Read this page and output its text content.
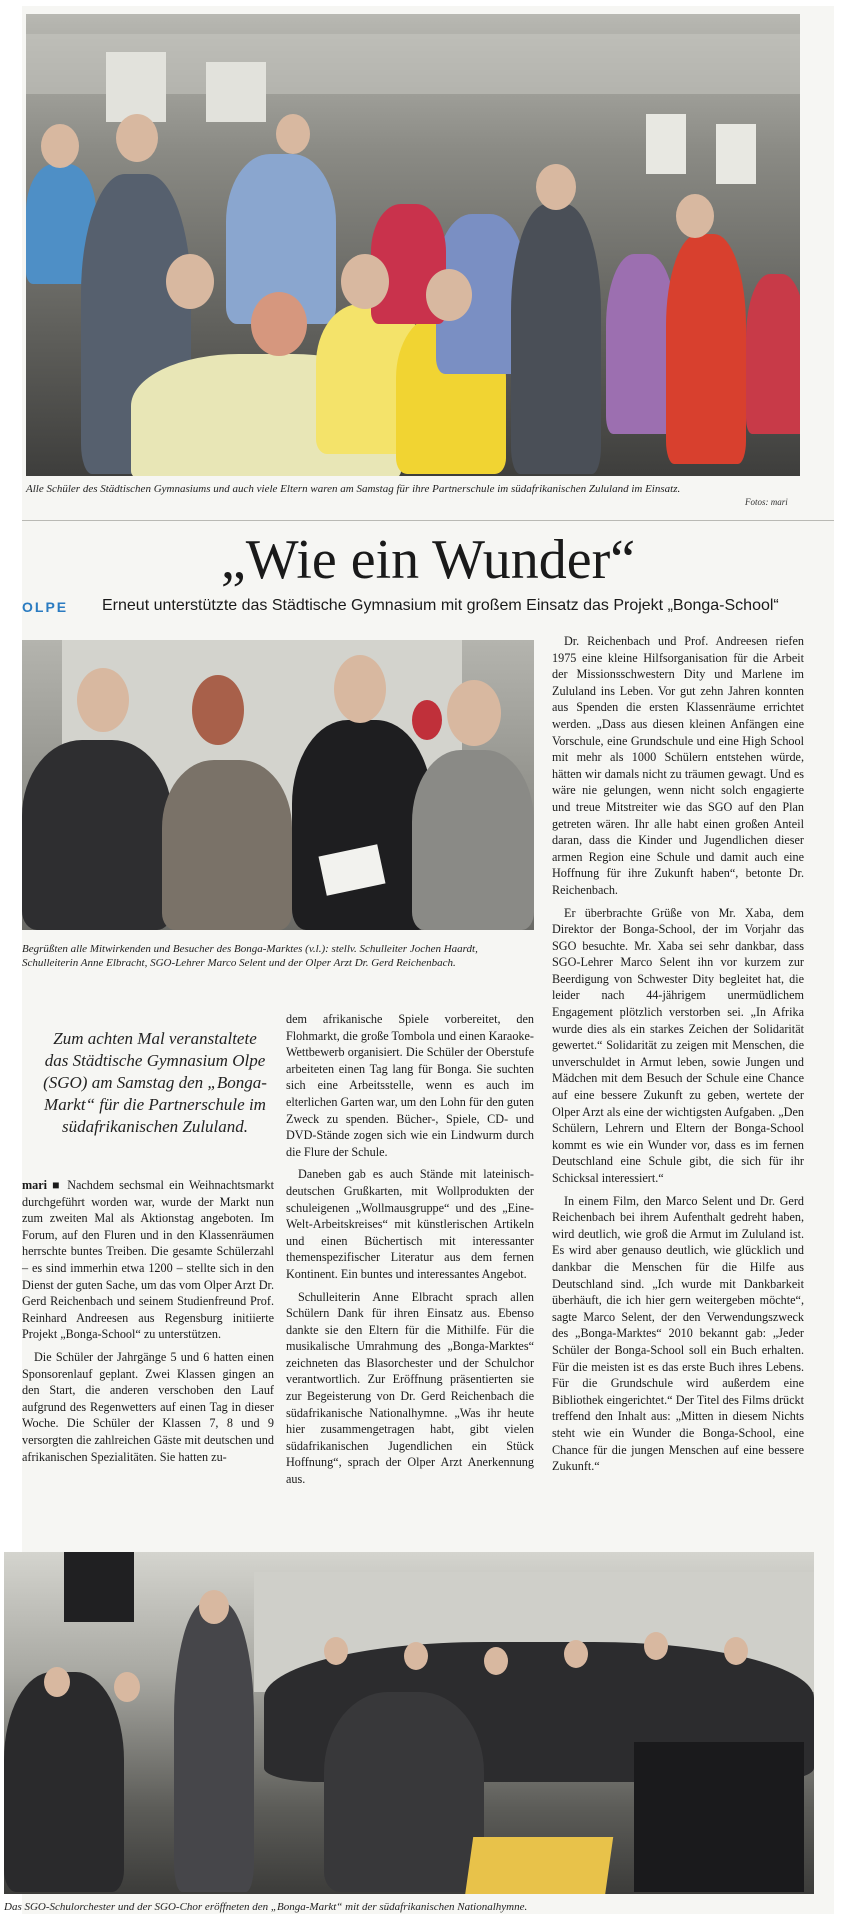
Alle Schüler des Städtischen Gymnasiums und auch viele Eltern waren am Samstag für ihre Partnerschule im südafrikanischen Zululand im Einsatz.
Fotos: mari
„Wie ein Wunder“
OLPE Erneut unterstützte das Städtische Gymnasium mit großem Einsatz das Projekt „Bonga-School“
Begrüßten alle Mitwirkenden und Besucher des Bonga-Marktes (v.l.): stellv. Schulleiter Jochen Haardt, Schulleiterin Anne Elbracht, SGO-Lehrer Marco Selent und der Olper Arzt Dr. Gerd Reichenbach.
Zum achten Mal veranstaltete das Städtische Gymnasium Olpe (SGO) am Samstag den „Bonga-Markt“ für die Partnerschule im südafrikanischen Zululand.

mari ■ Nachdem sechsmal ein Weihnachtsmarkt durchgeführt worden war, wurde der Markt nun zum zweiten Mal als Aktionstag angeboten. Im Forum, auf den Fluren und in den Klassenräumen herrschte buntes Treiben. Die gesamte Schülerzahl – es sind immerhin etwa 1200 – stellte sich in den Dienst der guten Sache, um das vom Olper Arzt Dr. Gerd Reichenbach und seinem Studienfreund Prof. Reinhard Andreesen aus Regensburg initiierte Projekt „Bonga-School“ zu unterstützen.

Die Schüler der Jahrgänge 5 und 6 hatten einen Sponsorenlauf geplant. Zwei Klassen gingen an den Start, die anderen verschoben den Lauf aufgrund des Regenwetters auf einen Tag in dieser Woche. Die Schüler der Klassen 7, 8 und 9 versorgten die zahlreichen Gäste mit deutschen und afrikanischen Spezialitäten. Sie hatten zu-

dem afrikanische Spiele vorbereitet, den Flohmarkt, die große Tombola und einen Karaoke-Wettbewerb organisiert. Die Schüler der Oberstufe arbeiteten einen Tag lang für Bonga. Sie suchten sich eine Arbeitsstelle, wenn es auch im elterlichen Garten war, um den Lohn für den guten Zweck zu spenden. Bücher-, Spiele, CD- und DVD-Stände zogen sich wie ein Lindwurm durch die Flure der Schule.

Daneben gab es auch Stände mit lateinisch-deutschen Grußkarten, mit Wollprodukten der schuleigenen „Wollmausgruppe“ und des „Eine-Welt-Arbeitskreises“ mit künstlerischen Artikeln und einen Büchertisch mit interessanter themenspezifischer Literatur aus dem fernen Kontinent. Ein buntes und interessantes Angebot.

Schulleiterin Anne Elbracht sprach allen Schülern Dank für ihren Einsatz aus. Ebenso dankte sie den Eltern für die Mithilfe. Für die musikalische Umrahmung des „Bonga-Marktes“ zeichneten das Blasorchester und der Schulchor verantwortlich. Zur Eröffnung präsentierten sie zur Begeisterung von Dr. Gerd Reichenbach die südafrikanische Nationalhymne. „Was ihr heute hier zusammengetragen habt, gibt vielen südafrikanischen Jugendlichen ein Stück Hoffnung“, sprach der Olper Arzt Anerkennung aus.

Dr. Reichenbach und Prof. Andreesen riefen 1975 eine kleine Hilfsorganisation für die Arbeit der Missionsschwestern Dity und Marlene im Zululand ins Leben. Vor gut zehn Jahren konnten aus Spenden die ersten Klassenräume errichtet werden. „Dass aus diesen kleinen Anfängen eine Vorschule, eine Grundschule und eine High School mit mehr als 1000 Schülern entstehen würde, hätten wir damals nicht zu träumen gewagt. Und es wäre nie gelungen, wenn nicht solch engagierte und treue Mitstreiter wie das SGO auf den Plan getreten wären. Ihr alle habt einen großen Anteil daran, dass die Kinder und Jugendlichen dieser armen Region eine Schule und damit auch eine Hoffnung für ihre Zukunft haben“, betonte Dr. Reichenbach.

Er überbrachte Grüße von Mr. Xaba, dem Direktor der Bonga-School, der im Vorjahr das SGO besuchte. Mr. Xaba sei sehr dankbar, dass SGO-Lehrer Marco Selent ihn vor kurzem zur Beerdigung von Schwester Dity begleitet hat, die leider nach 44-jährigem unermüdlichem Engagement plötzlich verstorben sei. „In Afrika wurde dies als ein starkes Zeichen der Solidarität gewertet.“ Solidarität zu zeigen mit Menschen, die unverschuldet in Armut leben, sowie Jungen und Mädchen mit dem Besuch der Schule eine Chance auf eine bessere Zukunft zu geben, wertete der Olper Arzt als eine der wichtigsten Aufgaben. „Den Schülern, Lehrern und Eltern der Bonga-School kommt es wie ein Wunder vor, dass es im fernen Deutschland eine Schule gibt, die sich für ihr Schicksal interessiert.“

In einem Film, den Marco Selent und Dr. Gerd Reichenbach bei ihrem Aufenthalt gedreht haben, wird deutlich, wie groß die Armut im Zululand ist. Es wird aber genauso deutlich, wie glücklich und dankbar die Menschen für die Hilfe aus Deutschland sind. „Ich wurde mit Dankbarkeit überhäuft, die ich hier gern weitergeben möchte“, sagte Marco Selent, der den Verwendungszweck des „Bonga-Marktes“ 2010 bekannt gab: „Jeder Schüler der Bonga-School soll ein Buch erhalten. Für die meisten ist es das erste Buch ihres Lebens. Für die Grundschule wird außerdem eine Bibliothek eingerichtet.“ Der Titel des Films drückt treffend den Inhalt aus: „Mitten in diesem Nichts steht wie ein Wunder die Bonga-School, eine Chance für die jungen Menschen auf eine bessere Zukunft.“

Das SGO-Schulorchester und der SGO-Chor eröffneten den „Bonga-Markt“ mit der südafrikanischen Nationalhymne.
